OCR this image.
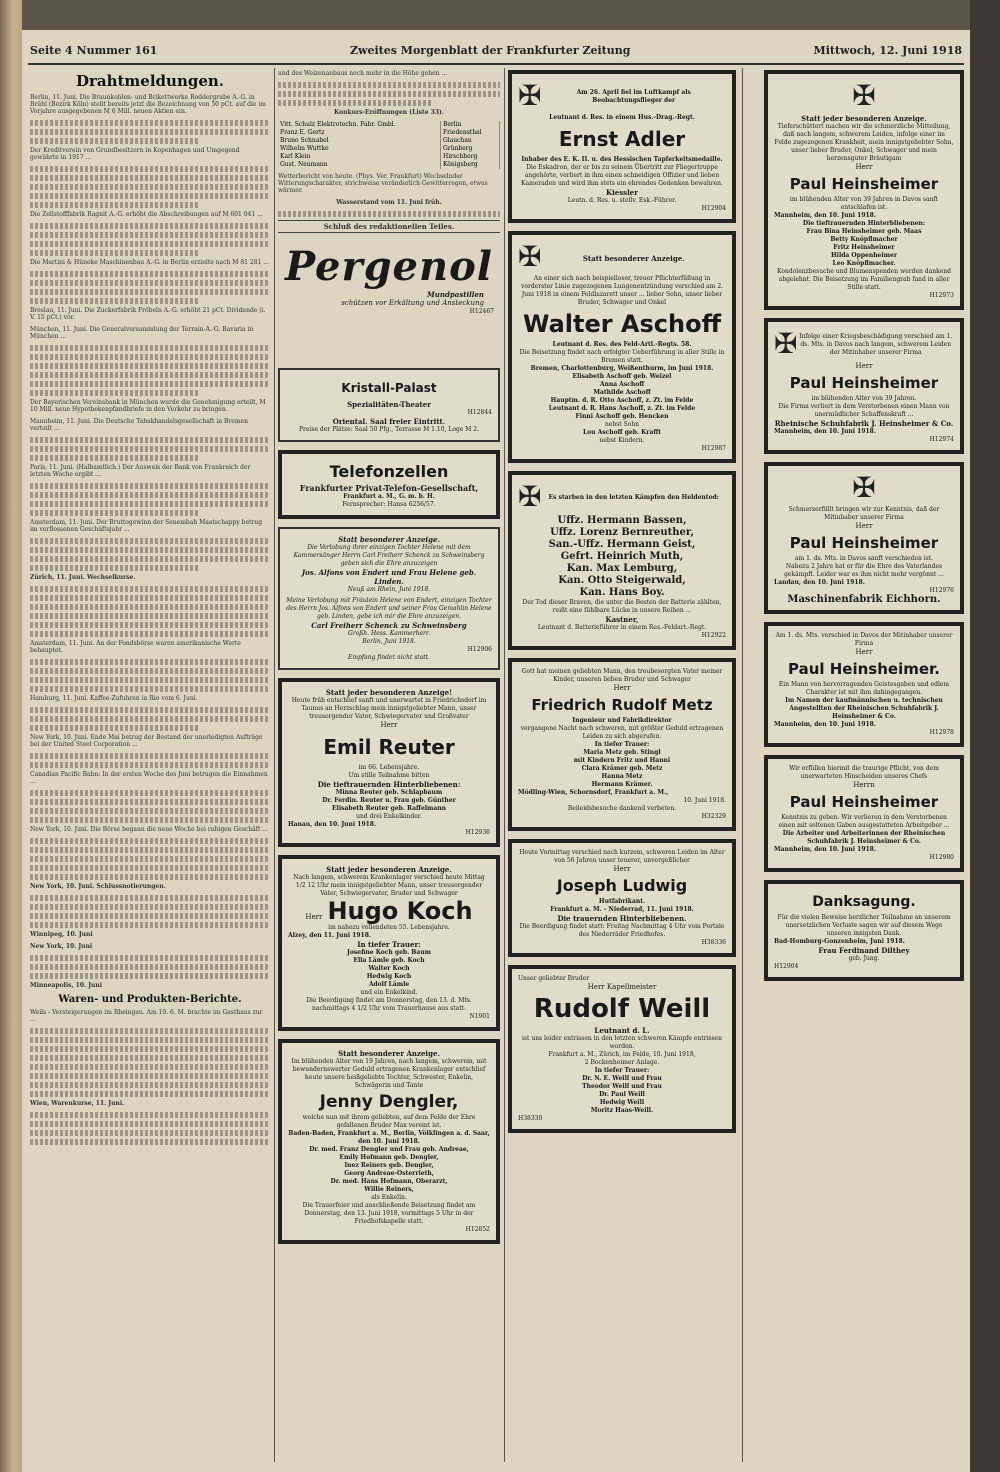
Seite 4 Nummer 161	Zweites Morgenblatt der Frankfurter Zeitung	Mittwoch, 12. Juni 1918
Drahtmeldungen.
Berlin, 11. Juni. Die Braunkohlen- und Brikettwerke Roddergrube A.-G. in Brühl (Bezirk Köln) stellt bereits jetzt die Bezeichnung von 50 pCt. auf die im Vorjahre ausgegebenen M 6 Mill. neuen Aktien ein.
Der Kreditverein von Grundbesitzern in Kopenhagen und Umgegend gewährte in 1917 ...
Die Zellstofffabrik Ragnit A.-G. erhöht die Abschreibungen auf M 601 041 ...
Die Martini & Hüneke Maschinenbau A.-G. in Berlin erzielte nach M 81 281 ...
Breslau, 11. Juni. Die Zuckerfabrik Fröbeln A.-G. erhöht 21 pCt. Dividende (i. V. 15 pCt.) vor.
München, 11. Juni. Die Generalversammlung der Terrain-A.-G. Bavaria in München ...
Der Bayerischen Vereinsbank in München wurde die Genehmigung erteilt, M 10 Mill. neue Hypothekenpfandbriefe in den Verkehr zu bringen.
Mannheim, 11. Juni. Die Deutsche Tabakhandelsgesellschaft in Bremen verteilt ...
Paris, 11. Juni. (Halbamtlich.) Der Ausweis der Bank von Frankreich der letzten Woche ergibt ...
Amsterdam, 11. Juni. Der Bruttogewinn der Senembah Maatschappy betrug im verflossenen Geschäftsjahr ...
Zürich, 11. Juni. Wechselkurse.
Amsterdam, 11. Juni. An der Fondsbörse waren amerikanische Werte behauptet.
Hamburg, 11. Juni. Kaffee-Zufuhren in Rio vom 6. Juni.
New York, 10. Juni. Ende Mai betrug der Bestand der unerledigten Aufträge bei der United Steel Corporation ...
Canadian Pacific Bahn: In der ersten Woche des Juni betrugen die Einnahmen ...
New York, 10. Juni. Die Börse begann die neue Woche bei ruhigen Geschäft ...
New York, 10. Juni. Schlussnotierungen.
Winnipeg, 10. Juni
New York, 10. Juni
Minneapolis, 10. Juni
Waren- und Produkten-Berichte.
Weils - Versteigerungen im Rheingau. Am 10. 6. M. brachte im Gasthaus zur ...
Wien, Warenkurse, 11. Juni.
und des Weizenanbaus noch mehr in die Höhe gehen ...
Konkurs-Eröffnungen (Liste 33).
Vitt. Schulz Elektrotechn. Fabr. Gmbl.	Berlin
Franz E. Gertz	Friedensthal
Bruno Schnabel	Glauchau
Wilhelm Wuttke	Grünberg
Karl Klein	Hirschberg
Gust. Neumann	Königsberg
Wetterbericht von heute. (Phys. Ver. Frankfurt) Wechselnder Witterungscharakter, strichweise veränderlich Gewitterregen, etwas wärmer.
Wasserstand vom 11. Juni früh.
Schluß des redaktionellen Teiles.
Pergenol
Mundpastillen
schützen vor Erkältung und Ansteckung
H12467
Kristall-Palast
Spezialitäten-Theater
H12844
Oriental. Saal freier Eintritt.
Preise der Plätze: Saal 50 Pfg., Terrasse M 1.10, Loge M 2.
Telefonzellen
Frankfurter Privat-Telefon-Gesellschaft,
Frankfurt a. M., G. m. b. H.
Fernsprecher: Hansa 6256/57.
Statt besonderer Anzeige.
Die Verlobung ihrer einzigen Tochter Helene mit dem Kammersänger Herrn Carl Freiherr Schenck zu Schweinsberg geben sich die Ehre anzuzeigen
Jos. Alfons von Endert und Frau Helene geb. Linden.
Neuß am Rhein, Juni 1918.
Meine Verlobung mit Fräulein Helene von Endert, einzigen Tochter des Herrn Jos. Alfons von Endert und seiner Frau Gemahlin Helene geb. Linden, gebe ich mir die Ehre anzuzeigen.
Carl Freiherr Schenck zu Schweinsberg
Großh. Hess. Kammerherr.
Berlin, Juni 1918.
H12906
Empfang findet nicht statt.
Statt jeder besonderen Anzeige!
Heute früh entschlief sanft und unerwartet in Friedrichsdorf im Taunus an Herzschlag mein innigstgeliebter Mann, unser treusorgender Vater, Schwiegervater und Großvater
Herr
Emil Reuter
im 66. Lebensjahre.
Um stille Teilnahme bitten
Die tieftrauernden Hinterbliebenen:
Minna Reuter geb. Schlapbaum
Dr. Ferdin. Reuter u. Frau geb. Günther
Elisabeth Reuter geb. Raffelmann
und drei Enkelkinder.
Hanau, den 10. Juni 1918.
H12936
Statt jeder besonderen Anzeige.
Nach langem, schwerem Krankenlager verschied heute Mittag 1/2 12 Uhr mein innigstgeliebter Mann, unser treusorgender Vater, Schwiegervater, Bruder und Schwager
Herr Hugo Koch
im nahezu vollendeten 55. Lebensjahre.
Alzey, den 11. Juni 1918.
In tiefer Trauer:
Josefine Koch geb. Baum
Ella Lämle geb. Koch
Walter Koch
Hedwig Koch
Adolf Lämle
und ein Enkelkind.
Die Beerdigung findet am Donnerstag, den 13. d. Mts. nachmittags 4 1/2 Uhr vom Trauerhause aus statt.
N1901
Statt besonderer Anzeige.
Im blühenden Alter von 19 Jahren, nach langem, schwerem, mit bewundernswerter Geduld ertragenen Krankenlager entschlief heute unsere heißgeliebte Tochter, Schwester, Enkelin, Schwägerin und Tante
Jenny Dengler,
welche nun mit ihrem geliebten, auf dem Felde der Ehre gefallenen Bruder Max vereint ist.
Baden-Baden, Frankfurt a. M., Berlin, Völklingen a. d. Saar, den 10. Juni 1918.
Dr. med. Franz Dengler und Frau geb. Andreae,
Emily Hofmann geb. Dengler,
Inez Reiners geb. Dengler,
Georg Andreae-Osterrieth,
Dr. med. Hans Hofmann, Oberarzt,
Willie Reiners,
als Enkelin.
Die Trauerfeier und anschließende Beisetzung findet am Donnerstag, den 13. Juni 1918, vormittags 5 Uhr in der Friedhofskapelle statt.
H12852
✠	Am 26. April fiel im Luftkampf als Beobachtungsflieger der
Leutnant d. Res. in einem Hus.-Drag.-Regt.
Ernst Adler
Inhaber des E. K. II. u. des Hessischen Tapferkeitsmedaille.
Die Eskadron, der er bis zu seinem Übertritt zur Fliegertruppe angehörte, verliert in ihm einen schneidigen Offizier und lieben Kameraden und wird ihm stets ein ehrendes Gedenken bewahren.
Kiessler
Leutn. d. Res. u. stellv. Esk.-Führer.
H12904
✠	Statt besonderer Anzeige.
An einer sich nach beispielloser, treuer Pflichterfüllung in vorderster Linie zugezogenen Lungenentzündung verschied am 2. Juni 1918 in einem Feldlazarett unser ... lieber Sohn, unser lieber Bruder, Schwager und Onkel
Walter Aschoff
Leutnant d. Res. des Feld-Artl.-Regts. 58.
Die Beisetzung findet nach erfolgter Ueberführung in aller Stille in Bremen statt.
Bremen, Charlottenburg, Weißenthurm, im Juni 1918.
Elisabeth Aschoff geb. Weizel
Anna Aschoff
Mathilde Aschoff
Hauptm. d. R. Otto Aschoff, z. Zt. im Felde
Leutnant d. R. Hans Aschoff, z. Zt. im Felde
Finni Aschoff geb. Hencken
nebst Sohn
Lou Aschoff geb. Krafft
nebst Kindern.
H12987
✠	Es starben in den letzten Kämpfen den Heldentod:
Uffz. Hermann Bassen,
Uffz. Lorenz Bernreuther,
San.-Uffz. Hermann Geist,
Gefrt. Heinrich Muth,
Kan. Max Lemburg,
Kan. Otto Steigerwald,
Kan. Hans Boy.
Der Tod dieser Braven, die unter die Besten der Batterie zählten, reißt eine fühlbare Lücke in unsere Reihen ...
Kastner,
Leutnant d. Batterieführer in einem Res.-Feldart.-Regt.
H12922
Gott hat meinen geliebten Mann, den treubesorgten Vater meiner Kinder, unseren lieben Bruder und Schwager
Herr
Friedrich Rudolf Metz
Ingenieur und Fabrikdirektor
vergangene Nacht nach schweren, mit größter Geduld ertragenen Leiden zu sich abgerufen.
In tiefer Trauer:
Maria Metz geb. Stingl
mit Kindern Fritz und Hanni
Clara Krämer geb. Metz
Hanna Metz
Hermann Krämer.
Mödling-Wien, Schornsdorf, Frankfurt a. M.,
10. Juni 1918.
Beileidsbesuche dankend verbeten.
H32329
Heute Vormittag verschied nach kurzem, schweren Leiden im Alter von 56 Jahren unser teuerer, unvergeßlicher
Herr
Joseph Ludwig
Hutfabrikant.
Frankfurt a. M. - Niederrad, 11. Juni 1918.
Die trauernden Hinterbliebenen.
Die Beerdigung findet statt: Freitag Nachmittag 4 Uhr vom Portale des Niederräder Friedhofes.
H38336
Unser geliebter Bruder
Herr Kapellmeister
Rudolf Weill
Leutnant d. L.
ist uns leider entrissen in den letzten schweren Kämpfe entrissen worden.
Frankfurt a. M., Zürich, im Felde, 10. Juni 1918,
2 Bockenheimer Anlage.
In tiefer Trauer:
Dr. N. E. Weill und Frau
Theodor Weill und Frau
Dr. Paul Weill
Hedwig Weill
Moritz Haas-Weill.
H38330
✠
Statt jeder besonderen Anzeige.
Tieferschüttert machen wir die schmerzliche Mitteilung, daß nach langem, schwerem Leiden, infolge einer im Felde zugezogenen Krankheit, mein innigstgeliebter Sohn, unser lieber Bruder, Onkel, Schwager und mein herzensguter Bräutigam
Herr
Paul Heinsheimer
im blühenden Alter von 39 Jahren in Davos sanft entschlafen ist.
Mannheim, den 10. Juni 1918.
Die tieftrauernden Hinterbliebenen:
Frau Bina Heinsheimer geb. Maas
Betty Knöpflmacher
Fritz Heinsheimer
Hilda Oppenheimer
Leo Knöpflmacher.
Kondolenzbesuche und Blumenspenden werden dankend abgelehnt. Die Beisetzung im Familiengrab fand in aller Stille statt.
H12973
✠ Infolge einer Kriegsbeschädigung verschied am 1. ds. Mts. in Davos nach langem, schwerem Leiden der Mitinhaber unserer Firma
Herr
Paul Heinsheimer
im blühenden Alter von 39 Jahren.
Die Firma verliert in dem Verstorbenen einen Mann von unermüdlicher Schaffenskraft ...
Rheinische Schuhfabrik J. Heinsheimer & Co.
Mannheim, den 10. Juni 1918.
H12974
✠
Schmerzerfüllt bringen wir zur Kenntnis, daß der Mitinhaber unserer Firma
Herr
Paul Heinsheimer
am 1. ds. Mts. in Davos sanft verschieden ist.
Nahezu 2 Jahre hat er für die Ehre des Vaterlandes gekämpft. Leider war es ihm nicht mehr vergönnt ...
Landau, den 10. Juni 1918.
H12976
Maschinenfabrik Eichhorn.
Am 1. ds. Mts. verschied in Davos der Mitinhaber unserer Firma
Herr
Paul Heinsheimer.
Ein Mann von hervorragenden Geistesgaben und edlem Charakter ist mit ihm dahingegangen.
Im Namen der kaufmännischen u. technischen Angestellten der Rheinischen Schuhfabrik J. Heinsheimer & Co.
Mannheim, den 10. Juni 1918.
H12978
Wir erfüllen hiermit die traurige Pflicht, von dem unerwarteten Hinscheiden unseres Chefs
Herrn
Paul Heinsheimer
Kenntnis zu geben. Wir verlieren in dem Verstorbenen einen mit seltenen Gaben ausgestatteten Arbeitgeber ...
Die Arbeiter und Arbeiterinnen der Rheinischen Schuhfabrik J. Heinsheimer & Co.
Mannheim, den 10. Juni 1918.
H12980
Danksagung.
Für die vielen Beweise herzlicher Teilnahme an unserem unersetzlichen Verluste sagen wir auf diesem Wege unseren innigsten Dank.
Bad-Homburg-Gonzenheim, Juni 1918.
Frau Ferdinand Dilthey
geb. Jung.
H12904
